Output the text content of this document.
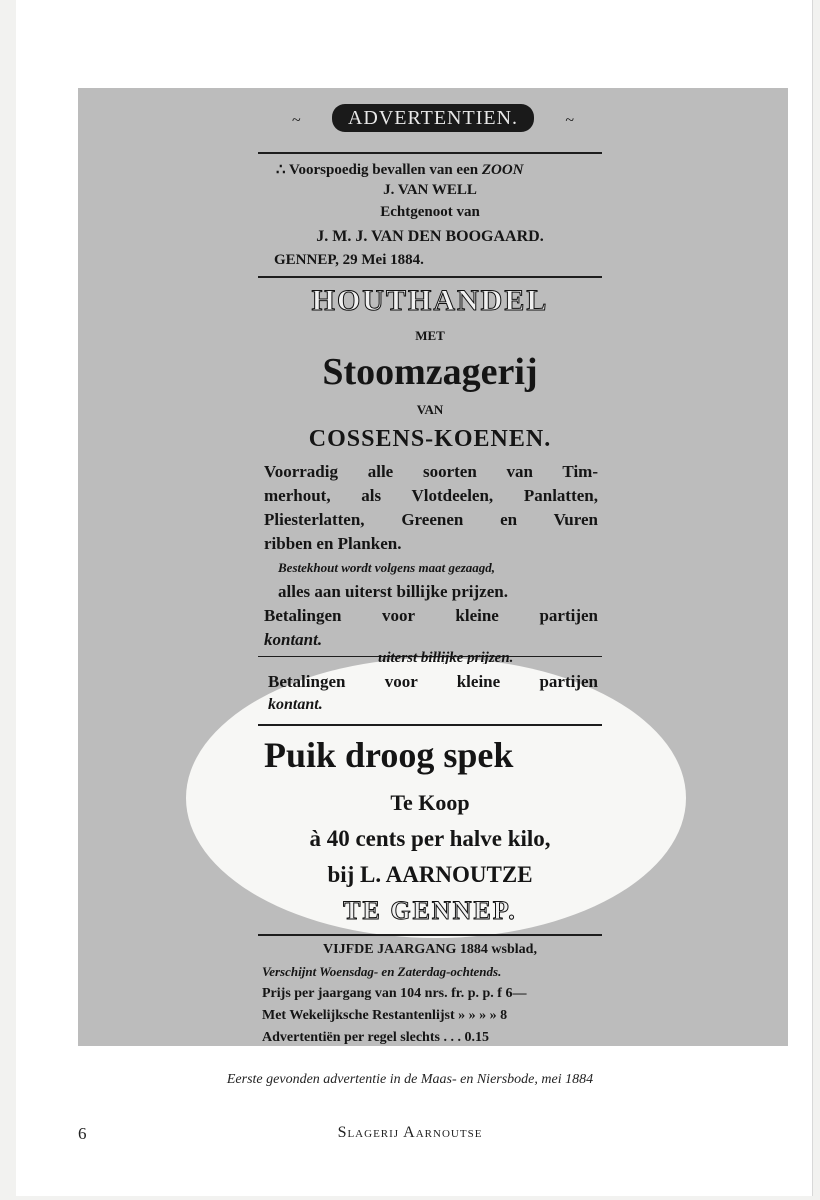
~ ADVERTENTIEN.	~
∴ Voorspoedig bevallen van een ZOON
J. VAN WELL
Echtgenoot van
J. M. J. VAN DEN BOOGAARD.
GENNEP, 29 Mei 1884.
HOUTHANDEL
MET
Stoomzagerij
VAN
COSSENS-KOENEN.
Voorradig alle soorten van Tim-
merhout, als Vlotdeelen, Panlatten,
Pliesterlatten, Greenen en Vuren
ribben en Planken.
Bestekhout wordt volgens maat gezaagd,
alles aan uiterst billijke prijzen.
Betalingen voor kleine partijen
kontant.
uiterst billijke prijzen.
Betalingen voor kleine partijen
kontant.
Puik droog spek
Te Koop
à 40 cents per halve kilo,
bij L. AARNOUTZE
TE GENNEP.
VIJFDE JAARGANG 1884 wsblad,
Verschijnt Woensdag- en Zaterdag-ochtends.
Prijs per jaargang van 104 nrs. fr. p. p. f 6—
Met Wekelijksche Restantenlijst » » » » 8
Advertentiën per regel slechts . . . 0.15
Eerste gevonden advertentie in de Maas- en Niersbode, mei 1884
6	Slagerij Aarnoutse
